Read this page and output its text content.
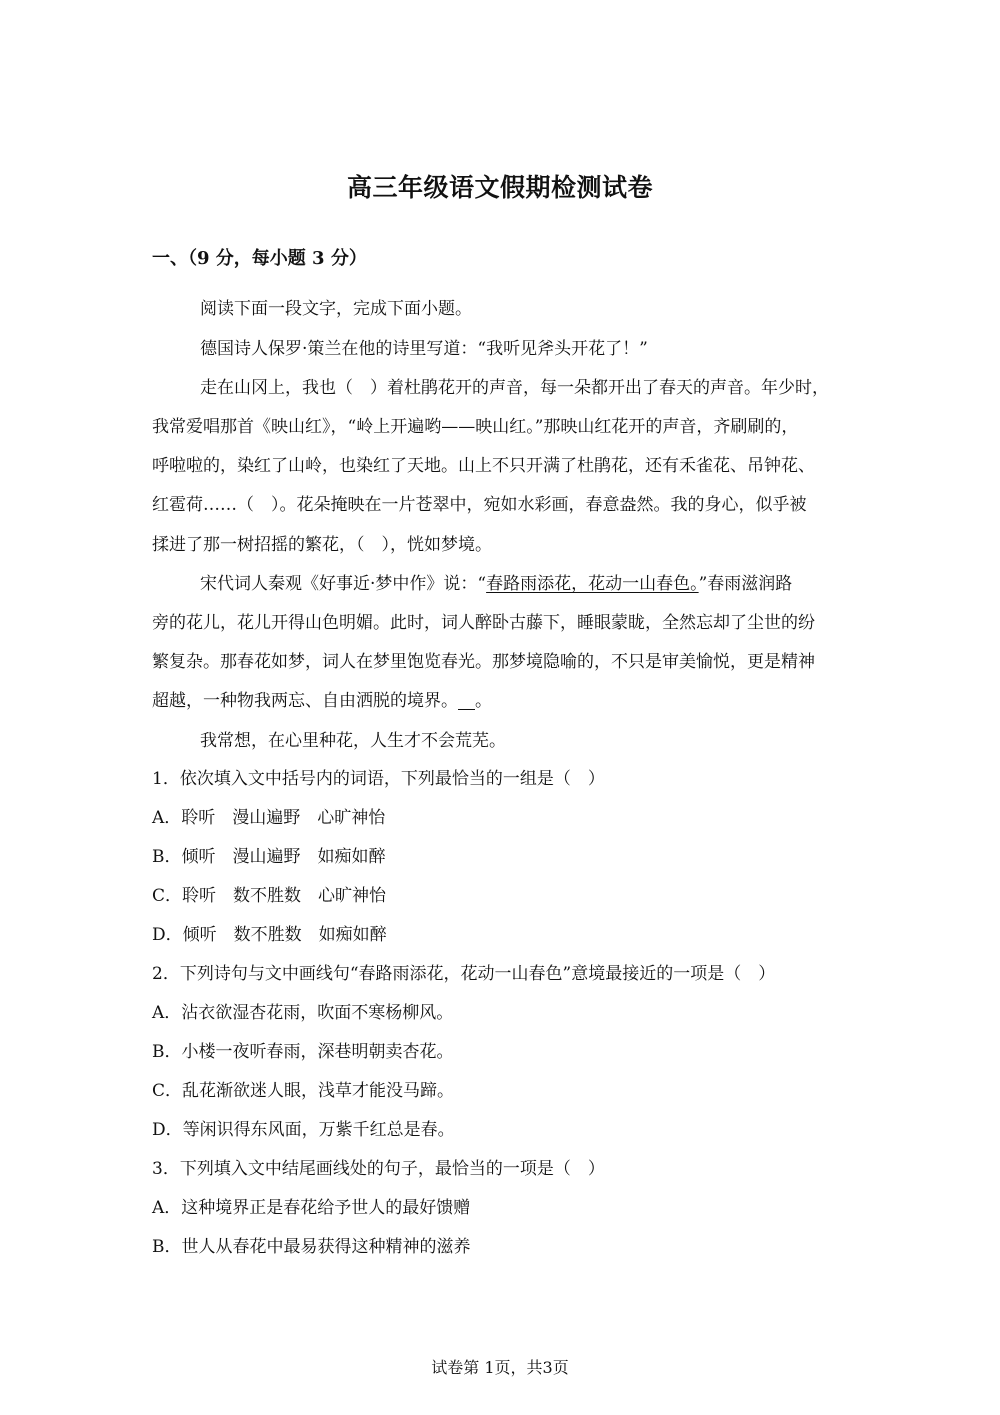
高三年级语文假期检测试卷
一、（9 分，每小题 3 分）
阅读下面一段文字，完成下面小题。
德国诗人保罗·策兰在他的诗里写道：“我听见斧头开花了！”
走在山冈上，我也（　）着杜鹃花开的声音，每一朵都开出了春天的声音。年少时，
我常爱唱那首《映山红》，“岭上开遍哟——映山红。”那映山红花开的声音，齐刷刷的，
呼啦啦的，染红了山岭，也染红了天地。山上不只开满了杜鹃花，还有禾雀花、吊钟花、
红雹荷……（　）。花朵掩映在一片苍翠中，宛如水彩画，春意盎然。我的身心，似乎被
揉进了那一树招摇的繁花，（　），恍如梦境。
宋代词人秦观《好事近·梦中作》说：“春路雨添花，花动一山春色。”春雨滋润路
旁的花儿，花儿开得山色明媚。此时，词人醉卧古藤下，睡眼蒙眬，全然忘却了尘世的纷
繁复杂。那春花如梦，词人在梦里饱览春光。那梦境隐喻的，不只是审美愉悦，更是精神
超越，一种物我两忘、自由洒脱的境界。  。
我常想，在心里种花，人生才不会荒芜。
1．依次填入文中括号内的词语，下列最恰当的一组是（　）
A．聆听　漫山遍野　心旷神怡
B．倾听　漫山遍野　如痴如醉
C．聆听　数不胜数　心旷神怡
D．倾听　数不胜数　如痴如醉
2．下列诗句与文中画线句“春路雨添花，花动一山春色”意境最接近的一项是（　）
A．沾衣欲湿杏花雨，吹面不寒杨柳风。
B．小楼一夜听春雨，深巷明朝卖杏花。
C．乱花渐欲迷人眼，浅草才能没马蹄。
D．等闲识得东风面，万紫千红总是春。
3．下列填入文中结尾画线处的句子，最恰当的一项是（　）
A．这种境界正是春花给予世人的最好馈赠
B．世人从春花中最易获得这种精神的滋养
试卷第 1页，共3页
